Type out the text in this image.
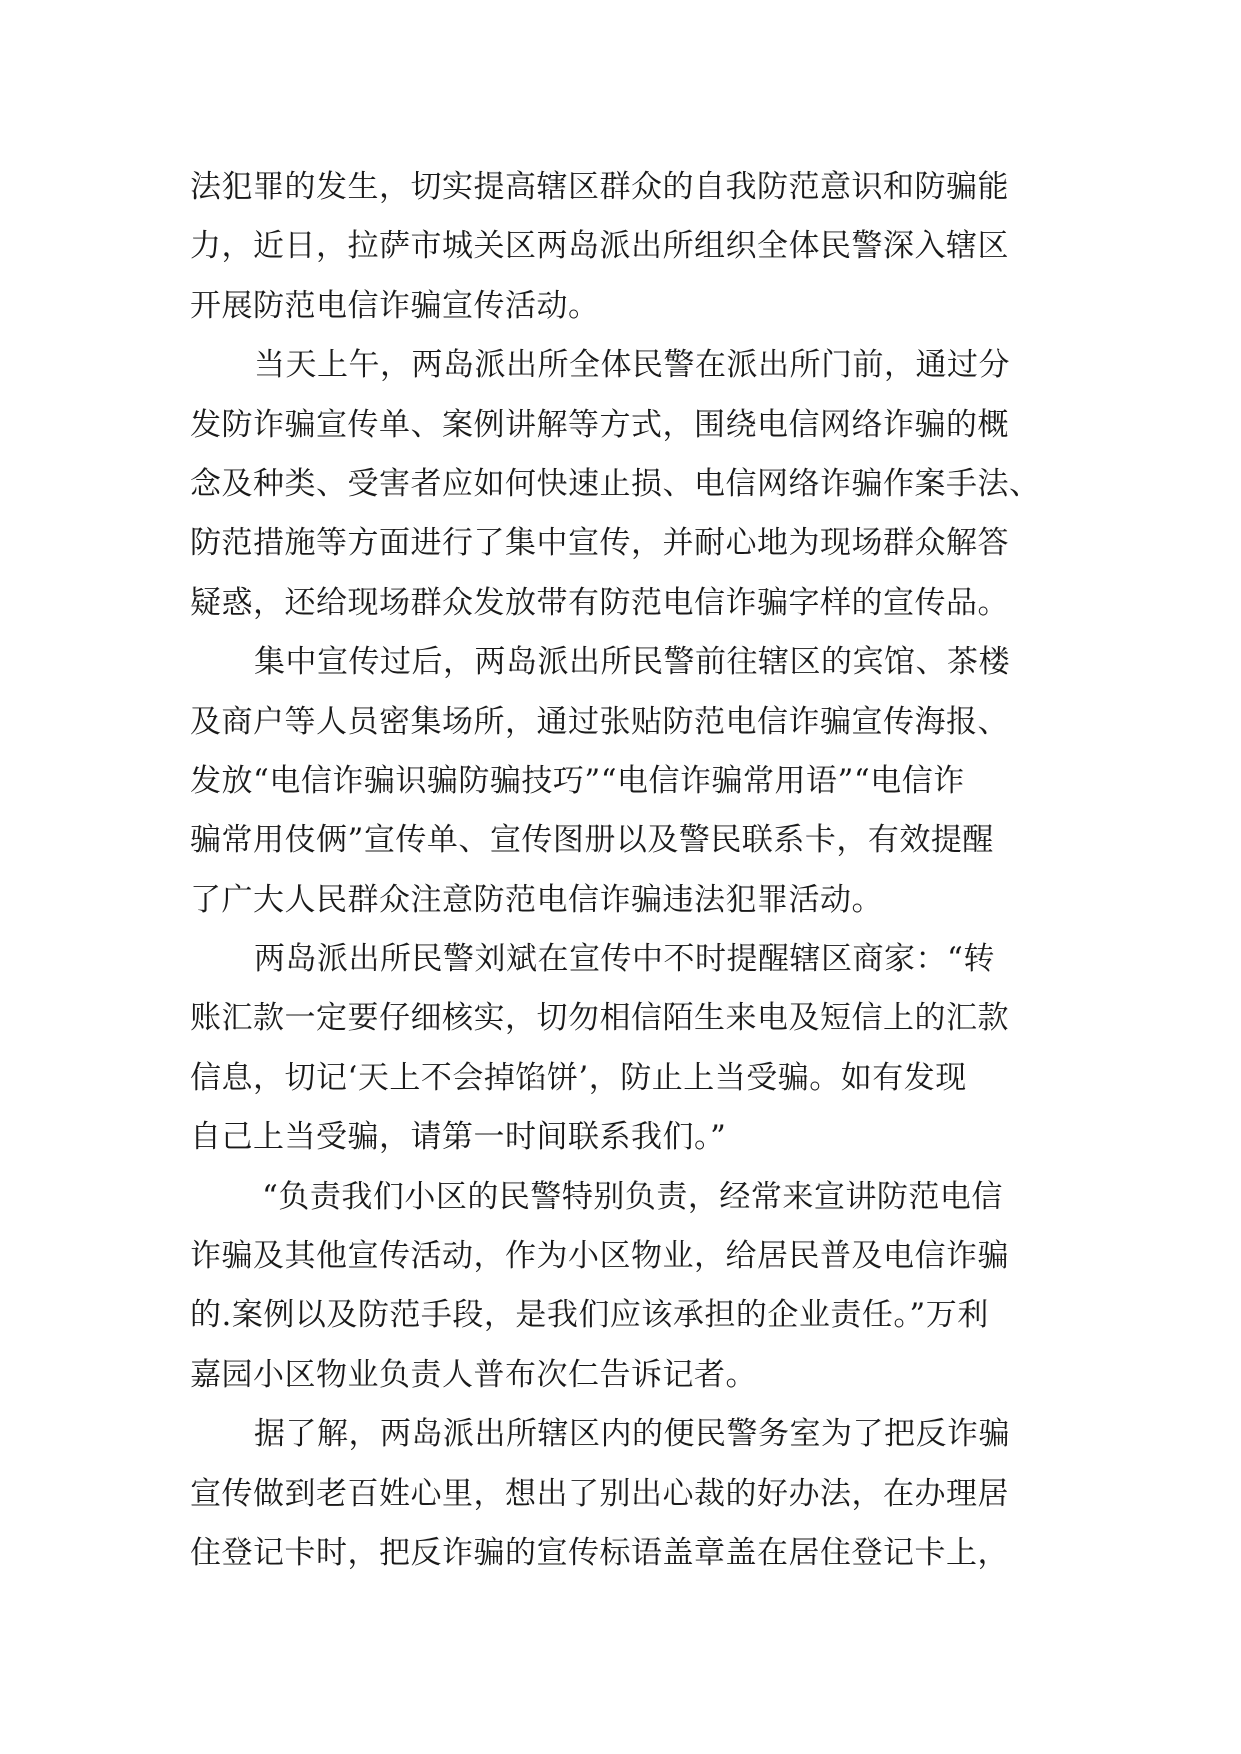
法犯罪的发生，切实提高辖区群众的自我防范意识和防骗能
力，近日，拉萨市城关区两岛派出所组织全体民警深入辖区
开展防范电信诈骗宣传活动。
当天上午，两岛派出所全体民警在派出所门前，通过分
发防诈骗宣传单、案例讲解等方式，围绕电信网络诈骗的概
念及种类、受害者应如何快速止损、电信网络诈骗作案手法、
防范措施等方面进行了集中宣传，并耐心地为现场群众解答
疑惑，还给现场群众发放带有防范电信诈骗字样的宣传品。
集中宣传过后，两岛派出所民警前往辖区的宾馆、茶楼
及商户等人员密集场所，通过张贴防范电信诈骗宣传海报、
发放“电信诈骗识骗防骗技巧”“电信诈骗常用语”“电信诈
骗常用伎俩”宣传单、宣传图册以及警民联系卡，有效提醒
了广大人民群众注意防范电信诈骗违法犯罪活动。
两岛派出所民警刘斌在宣传中不时提醒辖区商家：“转
账汇款一定要仔细核实，切勿相信陌生来电及短信上的汇款
信息，切记‘天上不会掉馅饼’，防止上当受骗。如有发现
自己上当受骗，请第一时间联系我们。”
“负责我们小区的民警特别负责，经常来宣讲防范电信
诈骗及其他宣传活动，作为小区物业，给居民普及电信诈骗
的.案例以及防范手段，是我们应该承担的企业责任。”万利
嘉园小区物业负责人普布次仁告诉记者。
据了解，两岛派出所辖区内的便民警务室为了把反诈骗
宣传做到老百姓心里，想出了别出心裁的好办法，在办理居
住登记卡时，把反诈骗的宣传标语盖章盖在居住登记卡上，
